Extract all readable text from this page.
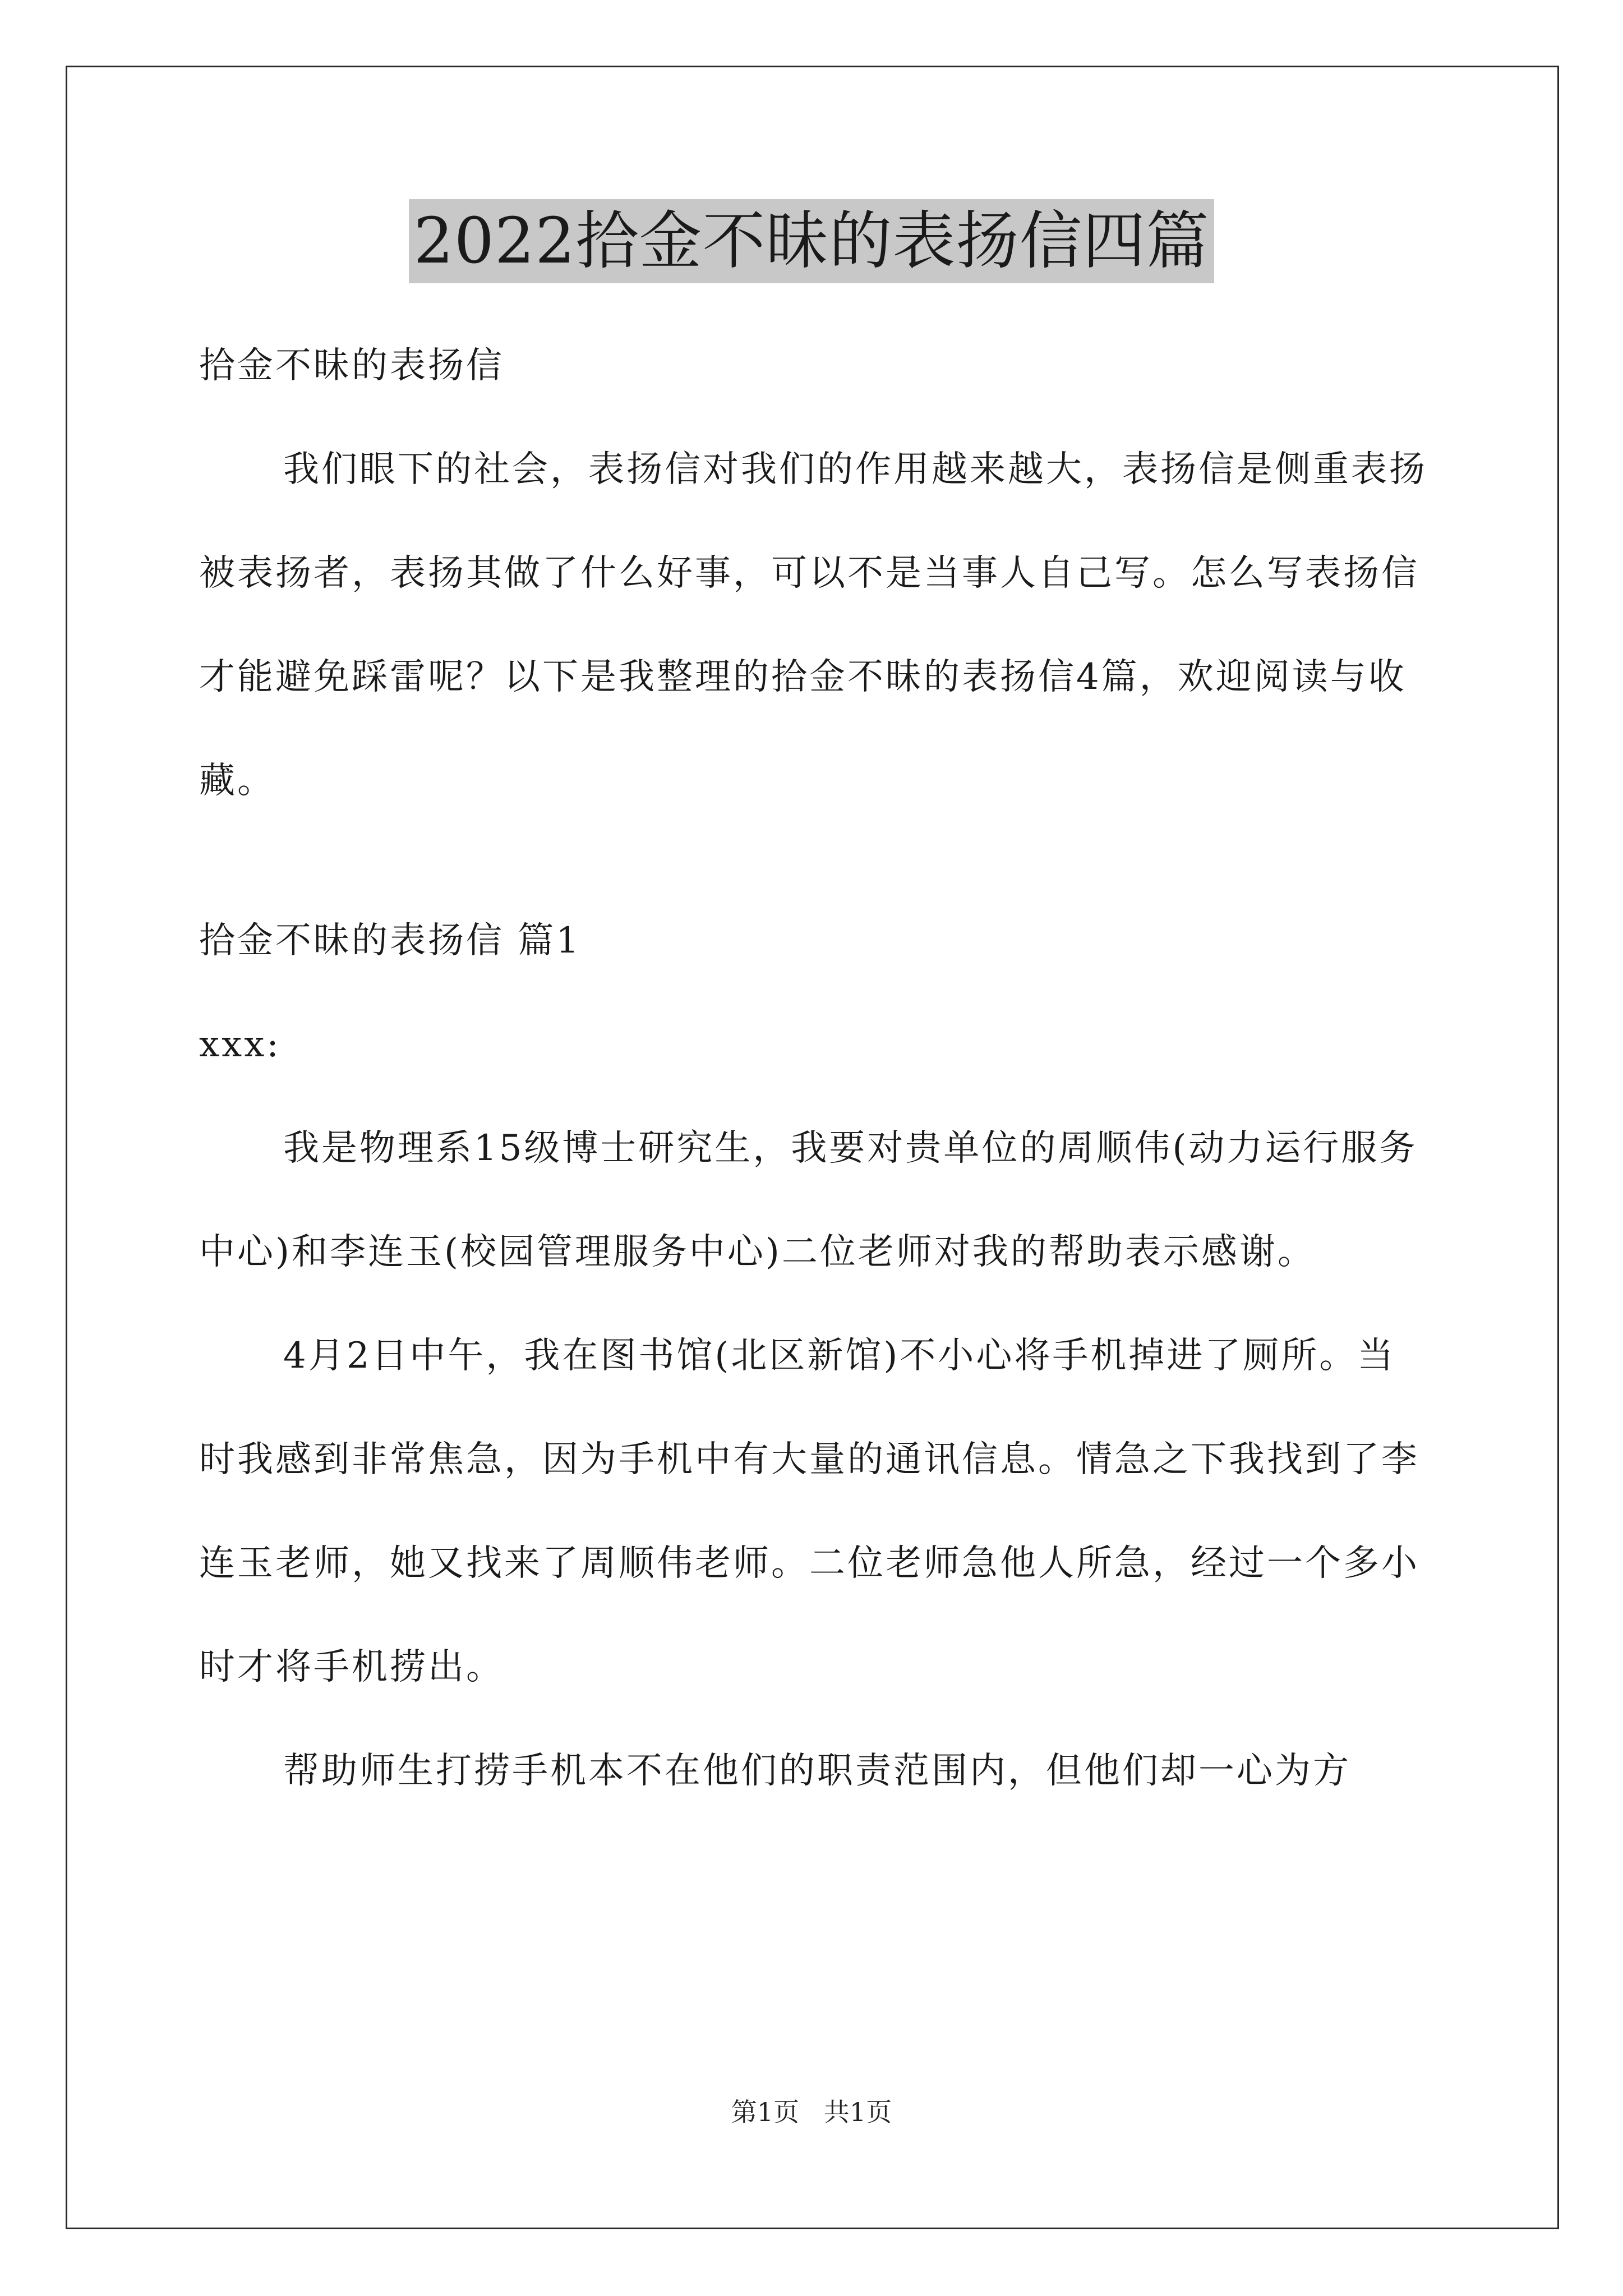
2022拾金不昧的表扬信四篇

拾金不昧的表扬信

我们眼下的社会，表扬信对我们的作用越来越大，表扬信是侧重表扬被表扬者，表扬其做了什么好事，可以不是当事人自己写。怎么写表扬信才能避免踩雷呢？以下是我整理的拾金不昧的表扬信4篇，欢迎阅读与收藏。

拾金不昧的表扬信 篇1

xxx:

我是物理系15级博士研究生，我要对贵单位的周顺伟(动力运行服务中心)和李连玉(校园管理服务中心)二位老师对我的帮助表示感谢。

4月2日中午，我在图书馆(北区新馆)不小心将手机掉进了厕所。当时我感到非常焦急，因为手机中有大量的通讯信息。情急之下我找到了李连玉老师，她又找来了周顺伟老师。二位老师急他人所急，经过一个多小时才将手机捞出。

帮助师生打捞手机本不在他们的职责范围内，但他们却一心为方

第1页   共1页
